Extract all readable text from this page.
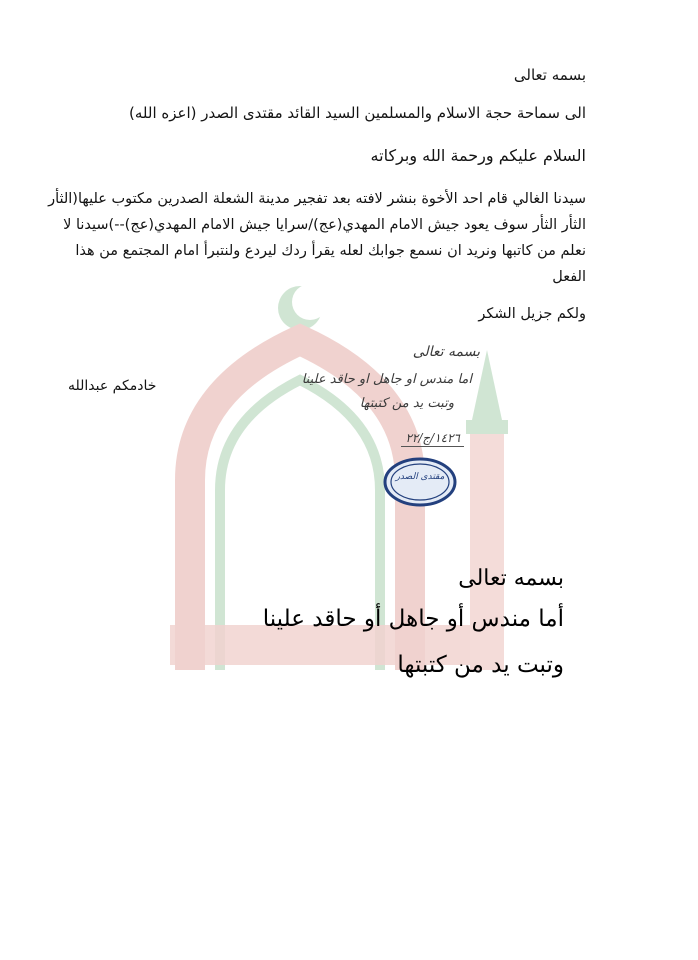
بسمه تعالى
الى سماحة حجة الاسلام والمسلمين السيد القائد مقتدى الصدر (اعزه الله)
السلام عليكم ورحمة الله وبركاته
سيدنا الغالي قام احد الأخوة بنشر لافته بعد تفجير مدينة الشعلة الصدرين مكتوب عليها(الثأر الثأر الثأر سوف يعود جيش الامام المهدي(عج)/سرايا جيش الامام المهدي(عج)--)سيدنا لا نعلم من كاتبها ونريد ان نسمع جوابك لعله يقرأ ردك ليردع ولنتبرأ امام المجتمع من هذا الفعل
ولكم جزيل الشكر
خادمكم عبدالله
بسمه تعالى
اما مندس او جاهل او حاقد علينا
وتبت يد من كتبتها
١٤٢٦/ج/٢٢
مقتدى الصدر
بسمه تعالى
أما مندس أو جاهل أو حاقد علينا
وتبت يد من كتبتها
